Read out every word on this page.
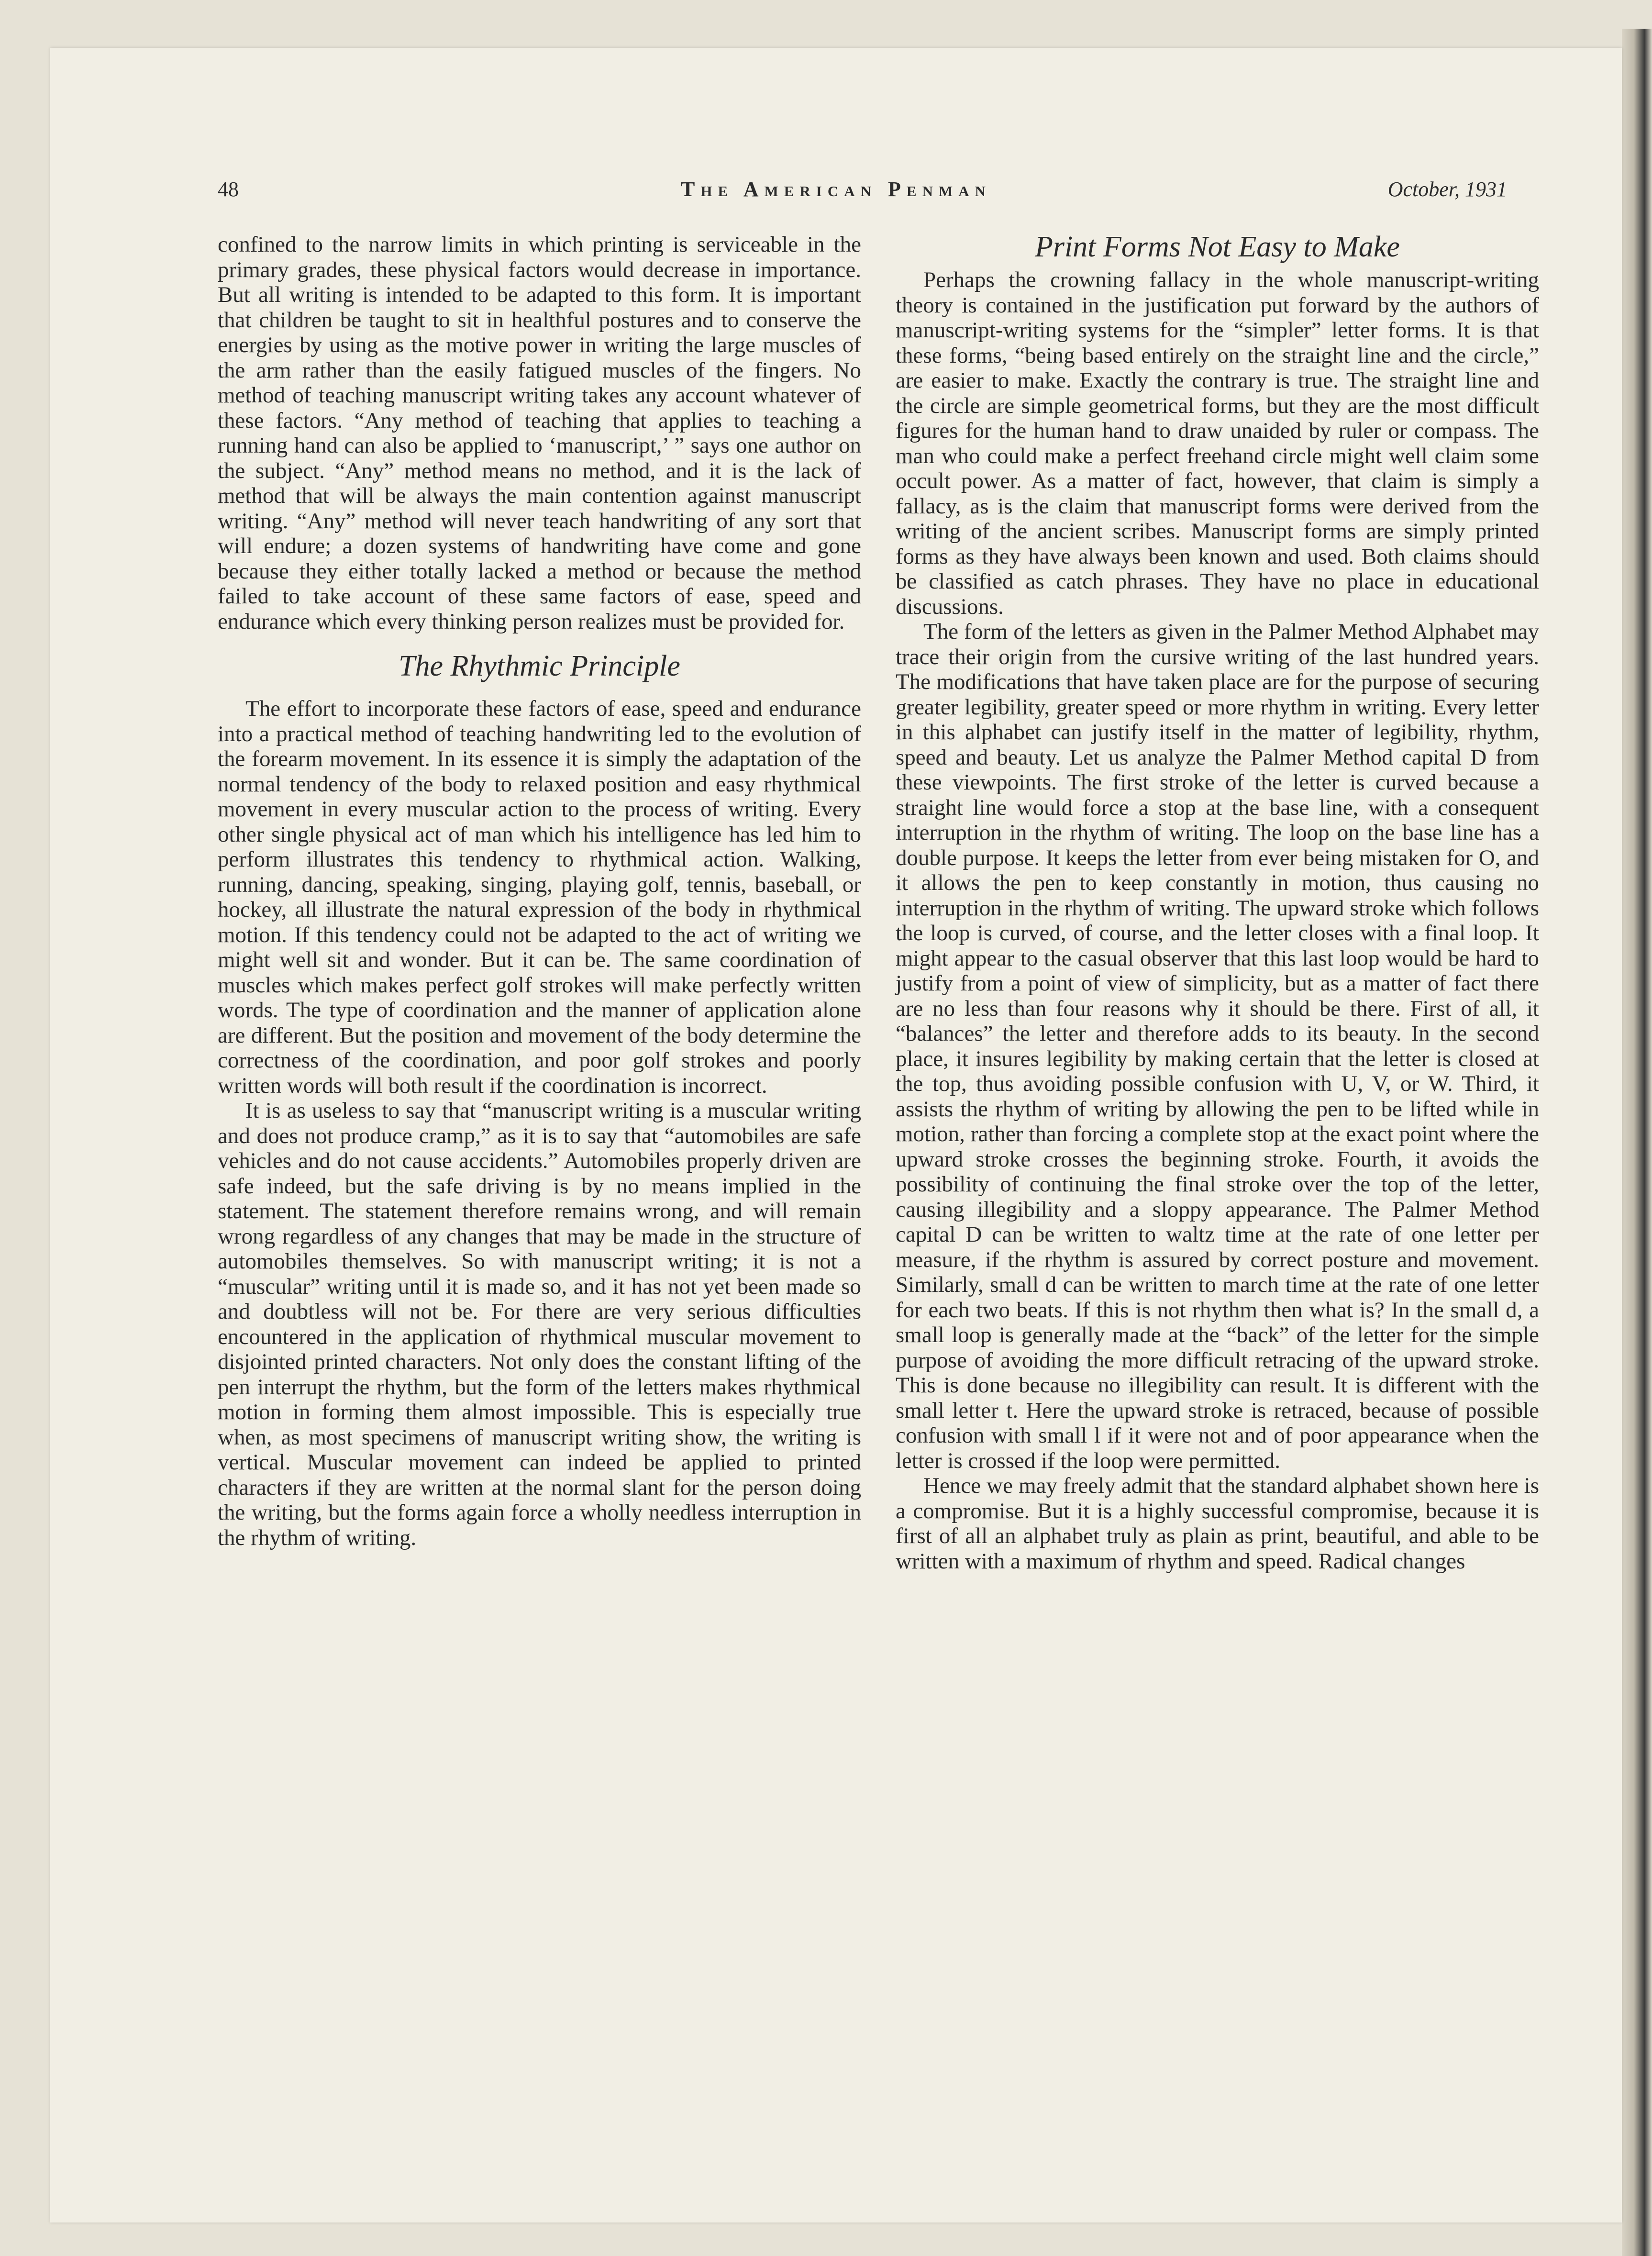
48	The American Penman	October, 1931

confined to the narrow limits in which printing is serviceable in the primary grades, these physical factors would decrease in importance. But all writing is intended to be adapted to this form. It is important that children be taught to sit in healthful postures and to conserve the energies by using as the motive power in writing the large muscles of the arm rather than the easily fatigued muscles of the fingers. No method of teaching manuscript writing takes any account whatever of these factors. “Any method of teaching that applies to teaching a running hand can also be applied to ‘manuscript,’ ” says one author on the subject. “Any” method means no method, and it is the lack of method that will be always the main contention against manuscript writing. “Any” method will never teach handwriting of any sort that will endure; a dozen systems of handwriting have come and gone because they either totally lacked a method or because the method failed to take account of these same factors of ease, speed and endurance which every thinking person realizes must be provided for.

The Rhythmic Principle

The effort to incorporate these factors of ease, speed and endurance into a practical method of teaching handwriting led to the evolution of the forearm movement. In its essence it is simply the adaptation of the normal tendency of the body to relaxed position and easy rhythmical movement in every muscular action to the process of writing. Every other single physical act of man which his intelligence has led him to perform illustrates this tendency to rhythmical action. Walking, running, dancing, speaking, singing, playing golf, tennis, baseball, or hockey, all illustrate the natural expression of the body in rhythmical motion. If this tendency could not be adapted to the act of writing we might well sit and wonder. But it can be. The same coordination of muscles which makes perfect golf strokes will make perfectly written words. The type of coordination and the manner of application alone are different. But the position and movement of the body determine the correctness of the coordination, and poor golf strokes and poorly written words will both result if the coordination is incorrect.

It is as useless to say that “manuscript writing is a muscular writing and does not produce cramp,” as it is to say that “automobiles are safe vehicles and do not cause accidents.” Automobiles properly driven are safe indeed, but the safe driving is by no means implied in the statement. The statement therefore remains wrong, and will remain wrong regardless of any changes that may be made in the structure of automobiles themselves. So with manuscript writing; it is not a “muscular” writing until it is made so, and it has not yet been made so and doubtless will not be. For there are very serious difficulties encountered in the application of rhythmical muscular movement to disjointed printed characters. Not only does the constant lifting of the pen interrupt the rhythm, but the form of the letters makes rhythmical motion in forming them almost impossible. This is especially true when, as most specimens of manuscript writing show, the writing is vertical. Muscular movement can indeed be applied to printed characters if they are written at the normal slant for the person doing the writing, but the forms again force a wholly needless interruption in the rhythm of writing.

Print Forms Not Easy to Make

Perhaps the crowning fallacy in the whole manuscript-writing theory is contained in the justification put forward by the authors of manuscript-writing systems for the “simpler” letter forms. It is that these forms, “being based entirely on the straight line and the circle,” are easier to make. Exactly the contrary is true. The straight line and the circle are simple geometrical forms, but they are the most difficult figures for the human hand to draw unaided by ruler or compass. The man who could make a perfect freehand circle might well claim some occult power. As a matter of fact, however, that claim is simply a fallacy, as is the claim that manuscript forms were derived from the writing of the ancient scribes. Manuscript forms are simply printed forms as they have always been known and used. Both claims should be classified as catch phrases. They have no place in educational discussions.

The form of the letters as given in the Palmer Method Alphabet may trace their origin from the cursive writing of the last hundred years. The modifications that have taken place are for the purpose of securing greater legibility, greater speed or more rhythm in writing. Every letter in this alphabet can justify itself in the matter of legibility, rhythm, speed and beauty. Let us analyze the Palmer Method capital D from these viewpoints. The first stroke of the letter is curved because a straight line would force a stop at the base line, with a consequent interruption in the rhythm of writing. The loop on the base line has a double purpose. It keeps the letter from ever being mistaken for O, and it allows the pen to keep constantly in motion, thus causing no interruption in the rhythm of writing. The upward stroke which follows the loop is curved, of course, and the letter closes with a final loop. It might appear to the casual observer that this last loop would be hard to justify from a point of view of simplicity, but as a matter of fact there are no less than four reasons why it should be there. First of all, it “balances” the letter and therefore adds to its beauty. In the second place, it insures legibility by making certain that the letter is closed at the top, thus avoiding possible confusion with U, V, or W. Third, it assists the rhythm of writing by allowing the pen to be lifted while in motion, rather than forcing a complete stop at the exact point where the upward stroke crosses the beginning stroke. Fourth, it avoids the possibility of continuing the final stroke over the top of the letter, causing illegibility and a sloppy appearance. The Palmer Method capital D can be written to waltz time at the rate of one letter per measure, if the rhythm is assured by correct posture and movement. Similarly, small d can be written to march time at the rate of one letter for each two beats. If this is not rhythm then what is? In the small d, a small loop is generally made at the “back” of the letter for the simple purpose of avoiding the more difficult retracing of the upward stroke. This is done because no illegibility can result. It is different with the small letter t. Here the upward stroke is retraced, because of possible confusion with small l if it were not and of poor appearance when the letter is crossed if the loop were permitted.

Hence we may freely admit that the standard alphabet shown here is a compromise. But it is a highly successful compromise, because it is first of all an alphabet truly as plain as print, beautiful, and able to be written with a maximum of rhythm and speed. Radical changes
